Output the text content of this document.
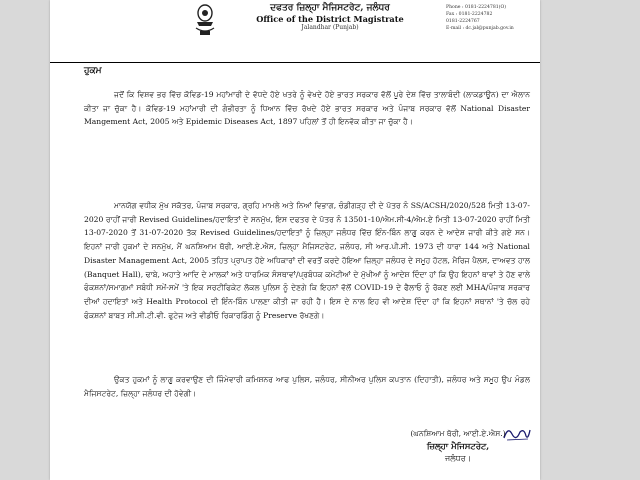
ਦਫਤਰ ਜ਼ਿਲ੍ਹਾ ਮੈਜਿਸਟਰੇਟ, ਜਲੰਧਰ
Office of the District Magistrate
Jalandhar (Punjab)
Phone : 0181-2224781(O)
Fax : 0181-2224782
0181-2224767
E-mail : dc.jal@punjab.gov.in
ਹੁਕਮ

ਜਦੋਂ ਕਿ ਵਿਸ਼ਵ ਭਰ ਵਿੱਚ ਕੋਵਿਡ-19 ਮਹਾਂਮਾਰੀ ਦੇ ਵੱਧਦੇ ਹੋਏ ਖਤਰੇ ਨੂੰ ਵੇਖਦੇ ਹੋਏ ਭਾਰਤ ਸਰਕਾਰ ਵੱਲੋਂ ਪੂਰੇ ਦੇਸ਼ ਵਿੱਚ ਤਾਲਾਬੰਦੀ (ਲਾਕਡਾਊਨ) ਦਾ ਐਲਾਨ ਕੀਤਾ ਜਾ ਚੁੱਕਾ ਹੈ। ਕੋਵਿਡ-19 ਮਹਾਂਮਾਰੀ ਦੀ ਗੰਭੀਰਤਾ ਨੂੰ ਧਿਆਨ ਵਿੱਚ ਰੱਖਦੇ ਹੋਏ ਭਾਰਤ ਸਰਕਾਰ ਅਤੇ ਪੰਜਾਬ ਸਰਕਾਰ ਵੱਲੋਂ National Disaster Mangement Act, 2005 ਅਤੇ Epidemic Diseases Act, 1897 ਪਹਿਲਾਂ ਤੋਂ ਹੀ ਇਨਵੋਕ ਕੀਤਾ ਜਾ ਚੁੱਕਾ ਹੈ।

ਮਾਨਯੋਗ ਵਧੀਕ ਮੁੱਖ ਸਕੱਤਰ, ਪੰਜਾਬ ਸਰਕਾਰ, ਗ੍ਰਹਿ ਮਾਮਲੇ ਅਤੇ ਨਿਆਂ ਵਿਭਾਗ, ਚੰਡੀਗੜ੍ਹ ਦੀ ਦੇ ਪੱਤਰ ਨੰ SS/ACSH/2020/528 ਮਿਤੀ 13-07-2020 ਰਾਹੀਂ ਜਾਰੀ Revised Guidelines/ਹਦਾਇਤਾਂ ਦੇ ਸਨਮੁੱਖ, ਇਸ ਦਫਤਰ ਦੇ ਪੱਤਰ ਨੰ 13501-10/ਐਮ.ਸੀ-4/ਐਮ.ਏ ਮਿਤੀ 13-07-2020 ਰਾਹੀਂ ਮਿਤੀ 13-07-2020 ਤੋਂ 31-07-2020 ਤੱਕ Revised Guidelines/ਹਦਾਇਤਾਂ ਨੂੰ ਜ਼ਿਲ੍ਹਾ ਜਲੰਧਰ ਵਿੱਚ ਇੰਨ-ਬਿੰਨ ਲਾਗੂ ਕਰਨ ਦੇ ਆਦੇਸ਼ ਜਾਰੀ ਕੀਤੇ ਗਏ ਸਨ। ਇਹਨਾਂ ਜਾਰੀ ਹੁਕਮਾਂ ਦੇ ਸਨਮੁੱਖ, ਮੈਂ ਘਨਸ਼ਿਆਮ ਥੋਰੀ, ਆਈ.ਏ.ਐਸ, ਜ਼ਿਲ੍ਹਾ ਮੈਜਿਸਟਰੇਟ, ਜਲੰਧਰ, ਸੀ ਆਰ.ਪੀ.ਸੀ. 1973 ਦੀ ਧਾਰਾ 144 ਅਤੇ National Disaster Management Act, 2005 ਤਹਿਤ ਪ੍ਰਾਪਤ ਹੋਏ ਅਧਿਕਾਰਾਂ ਦੀ ਵਰਤੋਂ ਕਰਦੇ ਹੋਇਆ ਜ਼ਿਲ੍ਹਾ ਜਲੰਧਰ ਦੇ ਸਮੂਹ ਹੋਟਲ, ਮੈਰਿਜ ਪੈਲਸ, ਦਾਅਵਤ ਹਾਲ (Banquet Hall), ਢਾਬੇ, ਅਹਾਤੇ ਆਦਿ ਦੇ ਮਾਲਕਾਂ ਅਤੇ ਧਾਰਮਿਕ ਸੰਸਥਾਵਾਂ/ਪ੍ਰਬੰਧਕ ਕਮੇਟੀਆਂ ਦੇ ਮੁੱਖੀਆਂ ਨੂੰ ਆਦੇਸ਼ ਦਿੰਦਾ ਹਾਂ ਕਿ ਉਹ ਇਹਨਾਂ ਥਾਵਾਂ ਤੇ ਹੋਣ ਵਾਲੇ ਫੰਕਸ਼ਨਾਂ/ਸਮਾਗਮਾਂ ਸਬੰਧੀ ਸਮੇਂ-ਸਮੇਂ 'ਤੇ ਇਕ ਸਰਟੀਫਿਕੇਟ ਲੋਕਲ ਪੁਲਿਸ ਨੂੰ ਦੇਣਗੇ ਕਿ ਇਹਨਾਂ ਵੱਲੋਂ COVID-19 ਦੇ ਫੈਲਾਓ ਨੂੰ ਰੋਕਣ ਲਈ MHA/ਪੰਜਾਬ ਸਰਕਾਰ ਦੀਆਂ ਹਦਾਇਤਾਂ ਅਤੇ Health Protocol ਦੀ ਇੰਨ-ਬਿੰਨ ਪਾਲਣਾ ਕੀਤੀ ਜਾ ਰਹੀ ਹੈ। ਇਸ ਦੇ ਨਾਲ ਇਹ ਵੀ ਆਦੇਸ਼ ਦਿੰਦਾ ਹਾਂ ਕਿ ਇਹਨਾਂ ਸਥਾਨਾਂ 'ਤੇ ਚੱਲ ਰਹੇ ਫੰਕਸ਼ਨਾਂ ਬਾਬਤ ਸੀ.ਸੀ.ਟੀ.ਵੀ. ਫੁਟੇਜ ਅਤੇ ਵੀਡੀਓ ਰਿਕਾਰਡਿੰਗ ਨੂੰ Preserve ਰੱਖਣਗੇ।

ਉਕਤ ਹੁਕਮਾਂ ਨੂੰ ਲਾਗੂ ਕਰਵਾਉਣ ਦੀ ਜਿੰਮੇਵਾਰੀ ਕਮਿਸ਼ਨਰ ਆਫ ਪੁਲਿਸ, ਜਲੰਧਰ, ਸੀਨੀਅਰ ਪੁਲਿਸ ਕਪਤਾਨ (ਦਿਹਾਤੀ), ਜਲੰਧਰ ਅਤੇ ਸਮੂਹ ਉਪ ਮੰਡਲ ਮੈਜਿਸਟਰੇਟ, ਜ਼ਿਲ੍ਹਾ ਜਲੰਧਰ ਦੀ ਹੋਵੇਗੀ।

(ਘਨਸ਼ਿਆਮ ਥੋਰੀ, ਆਈ.ਏ.ਐਸ.)
ਜ਼ਿਲ੍ਹਾ ਮੈਜਿਸਟਰੇਟ,
ਜਲੰਧਰ।
